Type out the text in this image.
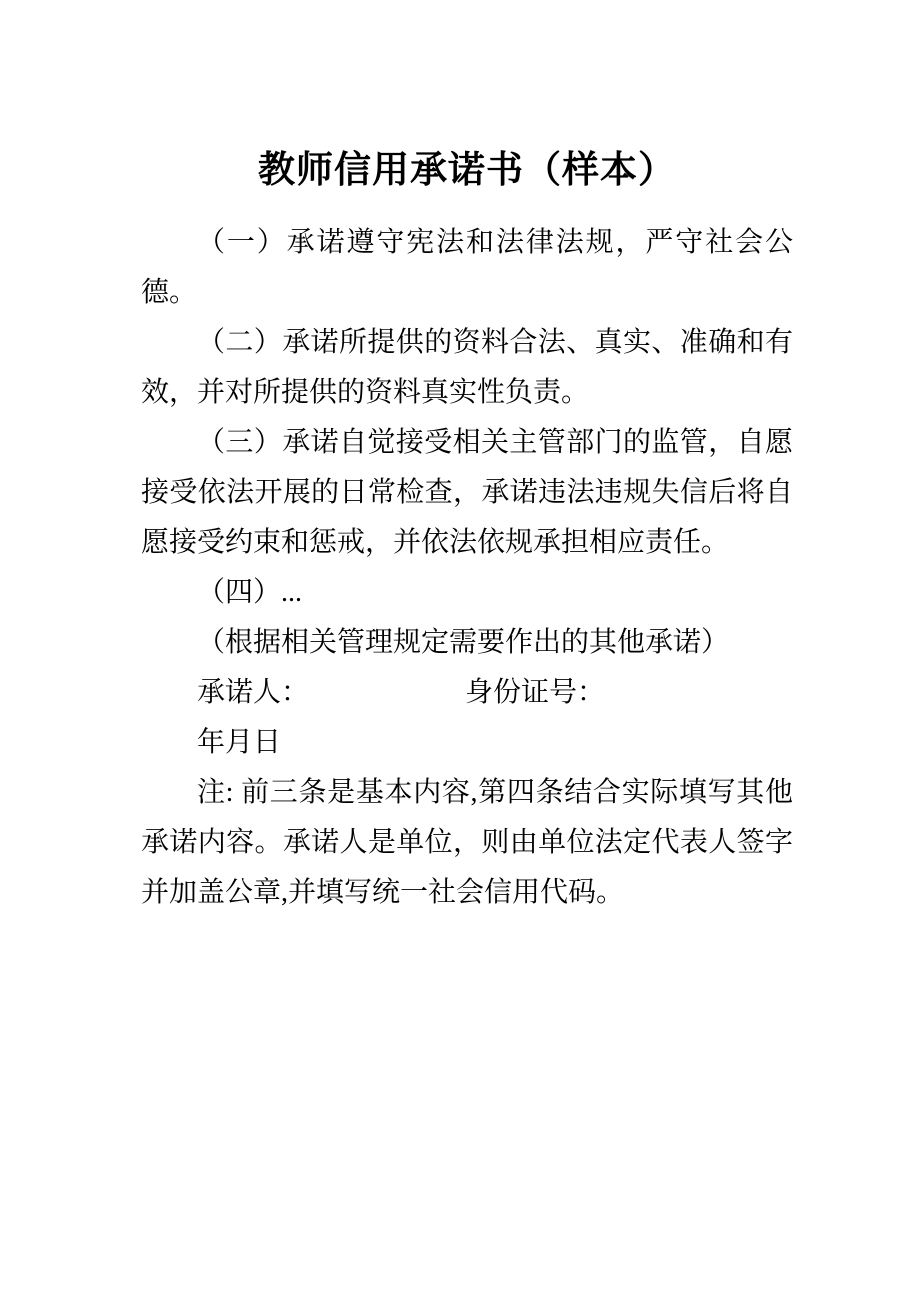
教师信用承诺书（样本）

（一）承诺遵守宪法和法律法规，严守社会公德。

（二）承诺所提供的资料合法、真实、准确和有效，并对所提供的资料真实性负责。

（三）承诺自觉接受相关主管部门的监管，自愿接受依法开展的日常检查，承诺违法违规失信后将自愿接受约束和惩戒，并依法依规承担相应责任。

（四）...

（根据相关管理规定需要作出的其他承诺）

承诺人：	身份证号：

年月日

注: 前三条是基本内容,第四条结合实际填写其他承诺内容。承诺人是单位，则由单位法定代表人签字并加盖公章,并填写统一社会信用代码。
